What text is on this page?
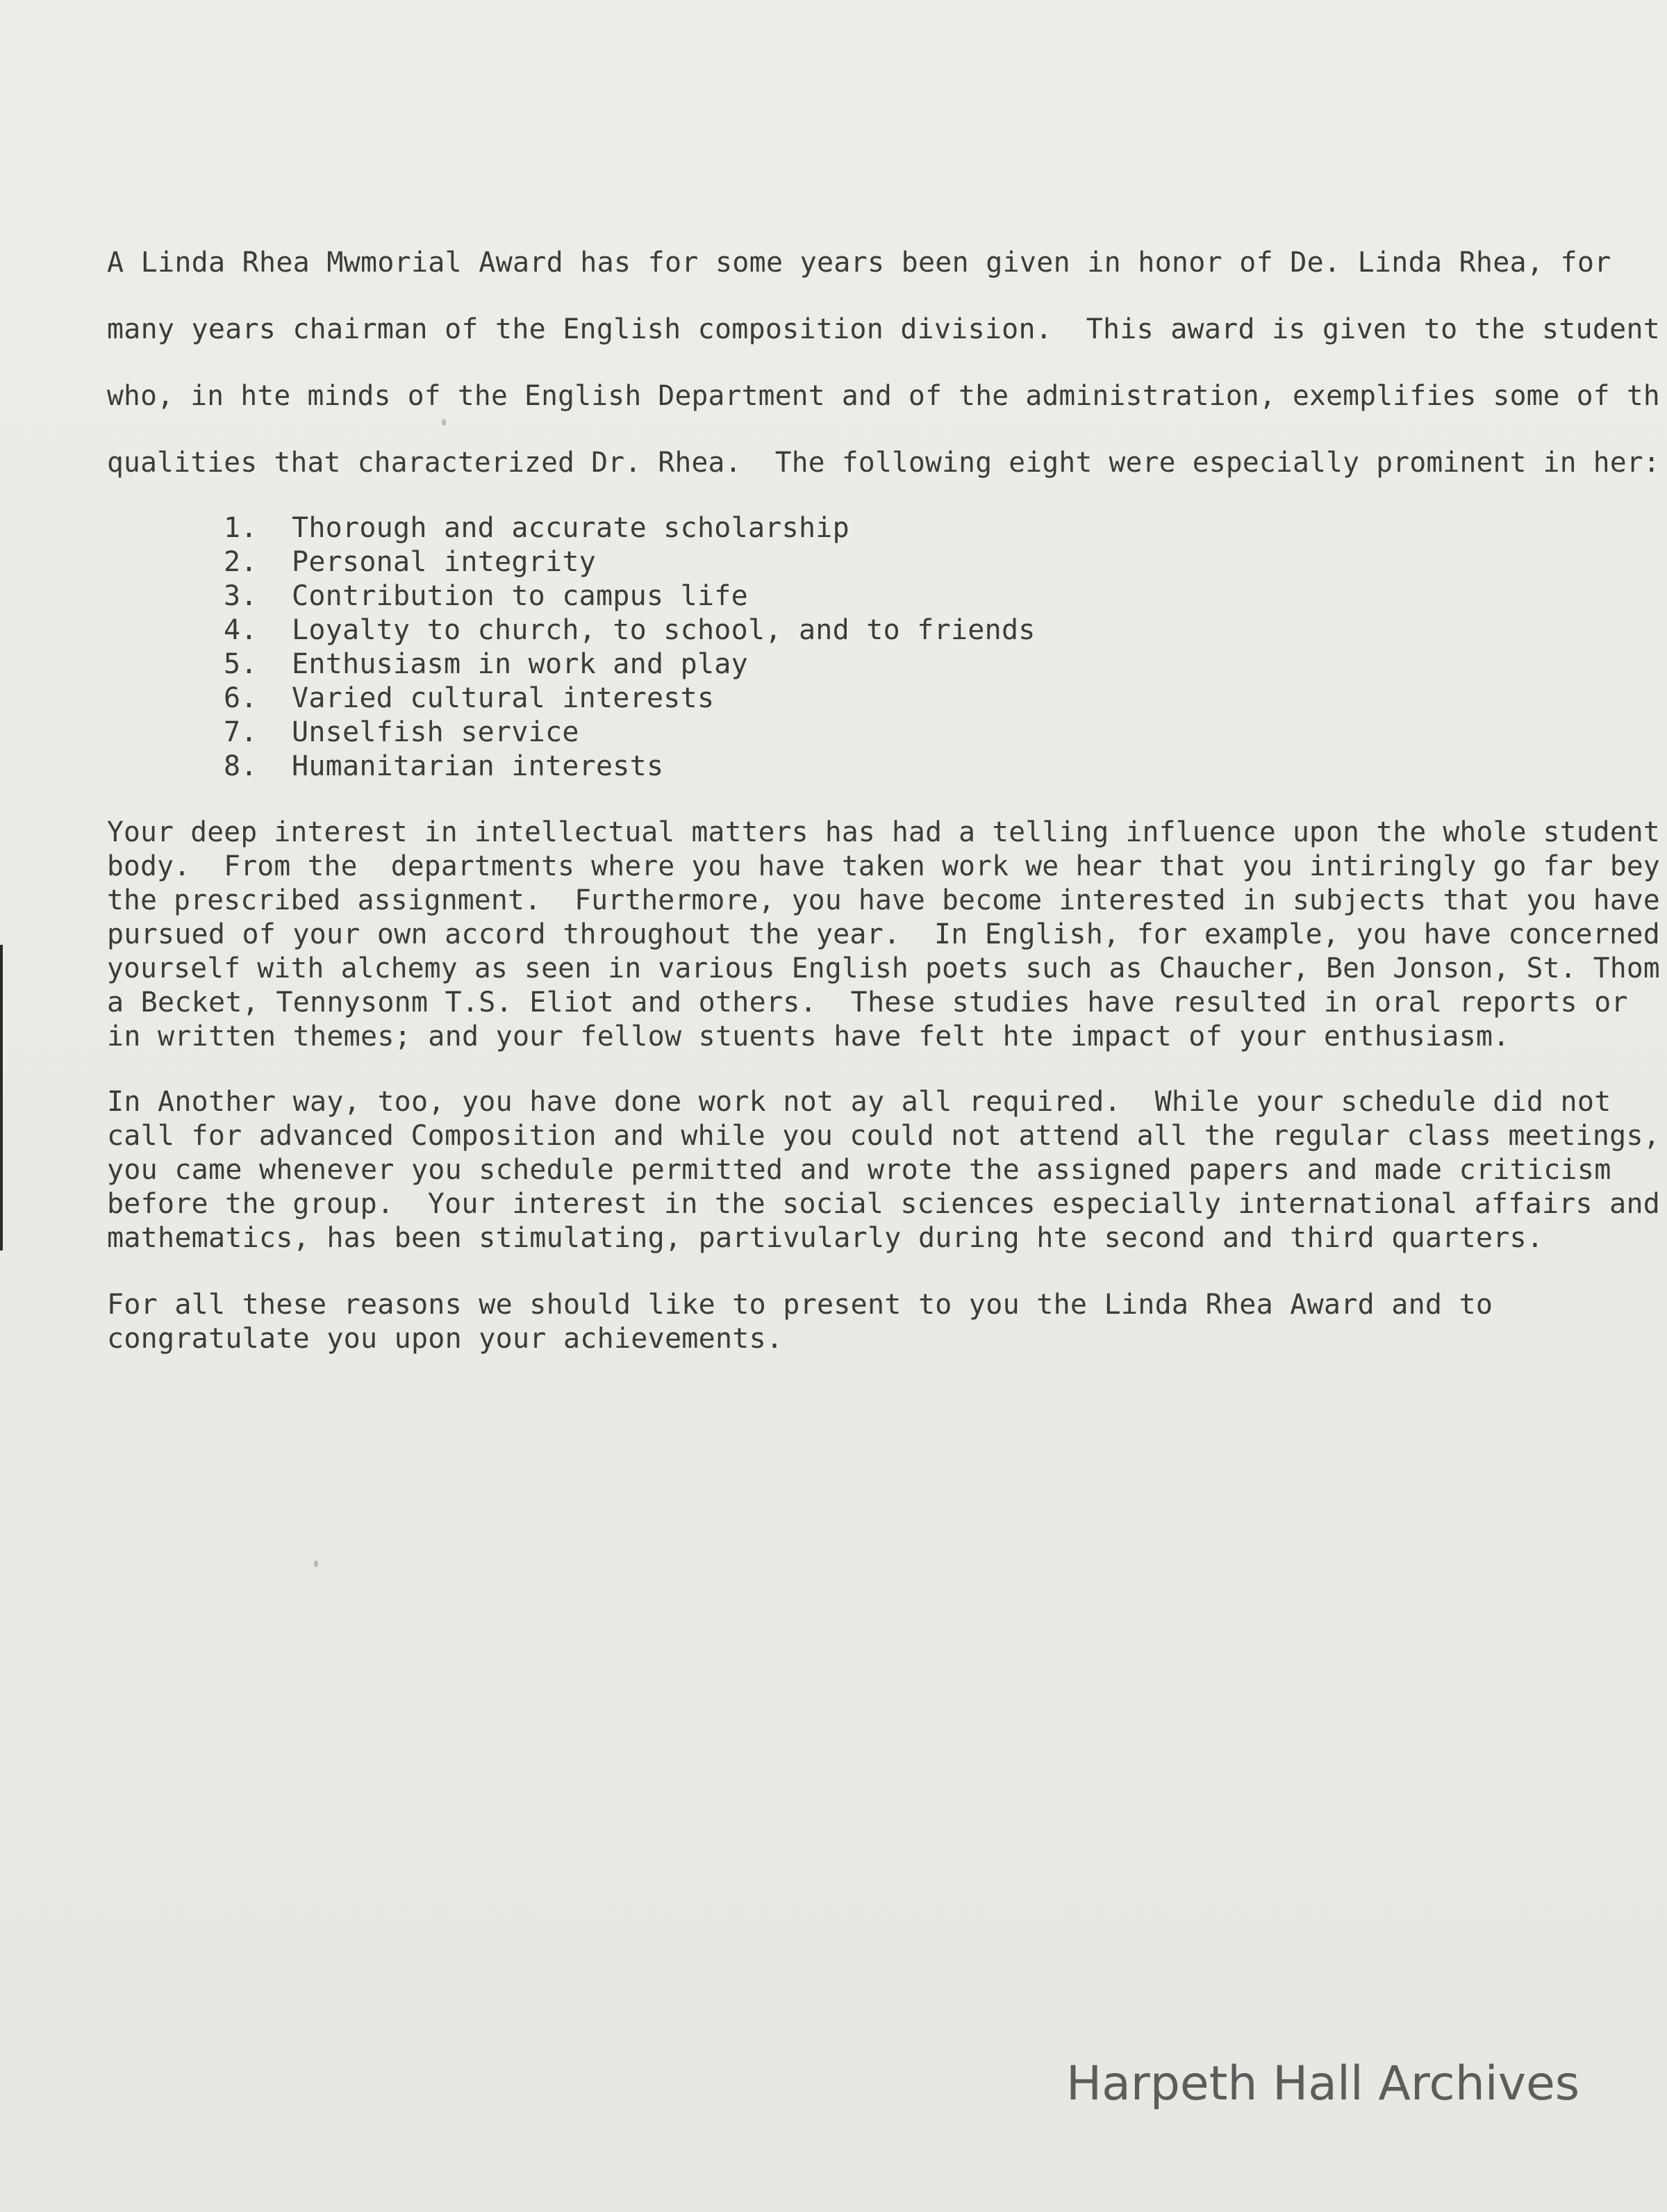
A Linda Rhea Mwmorial Award has for some years been given in honor of De. Linda Rhea, for

many years chairman of the English composition division.  This award is given to the student

who, in hte minds of the English Department and of the administration, exemplifies some of th

qualities that characterized Dr. Rhea.  The following eight were especially prominent in her:

1. Thorough and accurate scholarship

2. Personal integrity

3. Contribution to campus life

4. Loyalty to church, to school, and to friends

5. Enthusiasm in work and play

6. Varied cultural interests

7. Unselfish service

8. Humanitarian interests

Your deep interest in intellectual matters has had a telling influence upon the whole student

body.  From the  departments where you have taken work we hear that you intiringly go far bey

the prescribed assignment.  Furthermore, you have become interested in subjects that you have

pursued of your own accord throughout the year.  In English, for example, you have concerned

yourself with alchemy as seen in various English poets such as Chaucher, Ben Jonson, St. Thom

a Becket, Tennysonm T.S. Eliot and others.  These studies have resulted in oral reports or

in written themes; and your fellow stuents have felt hte impact of your enthusiasm.

In Another way, too, you have done work not ay all required.  While your schedule did not

call for advanced Composition and while you could not attend all the regular class meetings,

you came whenever you schedule permitted and wrote the assigned papers and made criticism

before the group.  Your interest in the social sciences especially international affairs and

mathematics, has been stimulating, partivularly during hte second and third quarters.

For all these reasons we should like to present to you the Linda Rhea Award and to

congratulate you upon your achievements.

Harpeth Hall Archives
